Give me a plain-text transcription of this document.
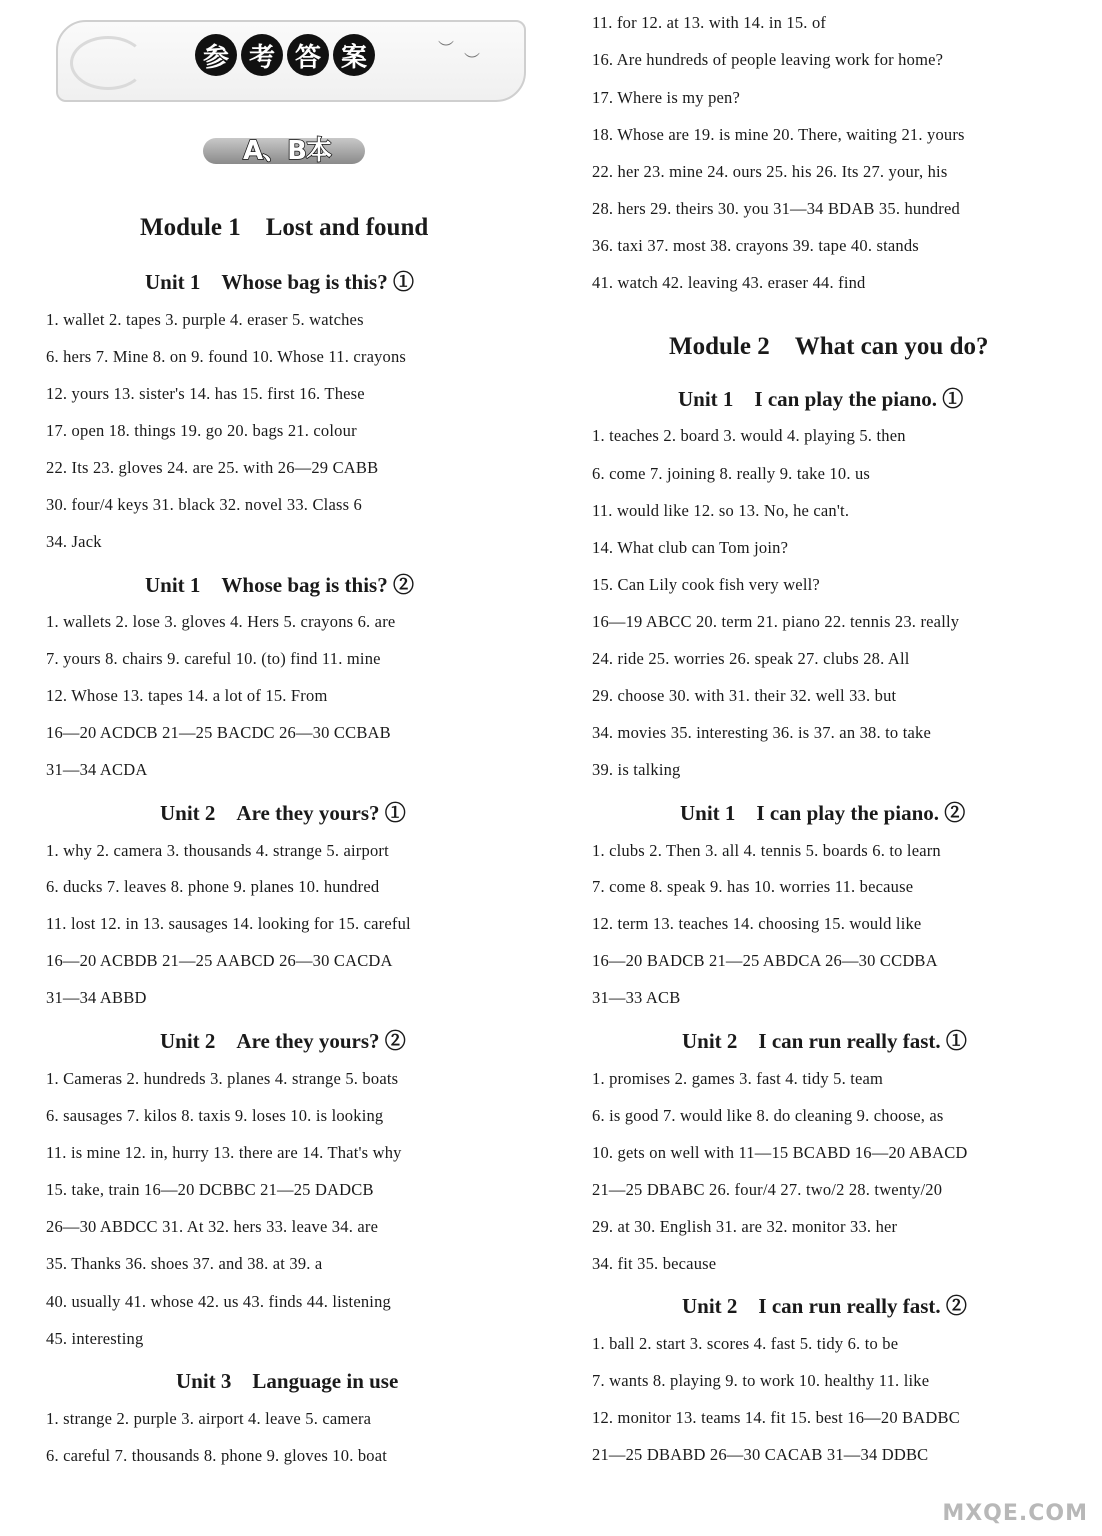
︶
︶
参 考 答 案
A、B本
Module 1　Lost and found
Unit 1　Whose bag is this? ①
1. wallet 2. tapes 3. purple 4. eraser 5. watches
6. hers 7. Mine 8. on 9. found 10. Whose 11. crayons
12. yours 13. sister's 14. has 15. first 16. These
17. open 18. things 19. go 20. bags 21. colour
22. Its 23. gloves 24. are 25. with 26—29 CABB
30. four/4 keys 31. black 32. novel 33. Class 6
34. Jack
Unit 1　Whose bag is this? ②
1. wallets 2. lose 3. gloves 4. Hers 5. crayons 6. are
7. yours 8. chairs 9. careful 10. (to) find 11. mine
12. Whose 13. tapes 14. a lot of 15. From
16—20 ACDCB 21—25 BACDC 26—30 CCBAB
31—34 ACDA
Unit 2　Are they yours? ①
1. why 2. camera 3. thousands 4. strange 5. airport
6. ducks 7. leaves 8. phone 9. planes 10. hundred
11. lost 12. in 13. sausages 14. looking for 15. careful
16—20 ACBDB 21—25 AABCD 26—30 CACDA
31—34 ABBD
Unit 2　Are they yours? ②
1. Cameras 2. hundreds 3. planes 4. strange 5. boats
6. sausages 7. kilos 8. taxis 9. loses 10. is looking
11. is mine 12. in, hurry 13. there are 14. That's why
15. take, train 16—20 DCBBC 21—25 DADCB
26—30 ABDCC 31. At 32. hers 33. leave 34. are
35. Thanks 36. shoes 37. and 38. at 39. a
40. usually 41. whose 42. us 43. finds 44. listening
45. interesting
Unit 3　Language in use
1. strange 2. purple 3. airport 4. leave 5. camera
6. careful 7. thousands 8. phone 9. gloves 10. boat
11. for 12. at 13. with 14. in 15. of
16. Are hundreds of people leaving work for home?
17. Where is my pen?
18. Whose are 19. is mine 20. There, waiting 21. yours
22. her 23. mine 24. ours 25. his 26. Its 27. your, his
28. hers 29. theirs 30. you 31—34 BDAB 35. hundred
36. taxi 37. most 38. crayons 39. tape 40. stands
41. watch 42. leaving 43. eraser 44. find
Module 2　What can you do?
Unit 1　I can play the piano. ①
1. teaches 2. board 3. would 4. playing 5. then
6. come 7. joining 8. really 9. take 10. us
11. would like 12. so 13. No, he can't.
14. What club can Tom join?
15. Can Lily cook fish very well?
16—19 ABCC 20. term 21. piano 22. tennis 23. really
24. ride 25. worries 26. speak 27. clubs 28. All
29. choose 30. with 31. their 32. well 33. but
34. movies 35. interesting 36. is 37. an 38. to take
39. is talking
Unit 1　I can play the piano. ②
1. clubs 2. Then 3. all 4. tennis 5. boards 6. to learn
7. come 8. speak 9. has 10. worries 11. because
12. term 13. teaches 14. choosing 15. would like
16—20 BADCB 21—25 ABDCA 26—30 CCDBA
31—33 ACB
Unit 2　I can run really fast. ①
1. promises 2. games 3. fast 4. tidy 5. team
6. is good 7. would like 8. do cleaning 9. choose, as
10. gets on well with 11—15 BCABD 16—20 ABACD
21—25 DBABC 26. four/4 27. two/2 28. twenty/20
29. at 30. English 31. are 32. monitor 33. her
34. fit 35. because
Unit 2　I can run really fast. ②
1. ball 2. start 3. scores 4. fast 5. tidy 6. to be
7. wants 8. playing 9. to work 10. healthy 11. like
12. monitor 13. teams 14. fit 15. best 16—20 BADBC
21—25 DBABD 26—30 CACAB 31—34 DDBC
MXQE.COM
